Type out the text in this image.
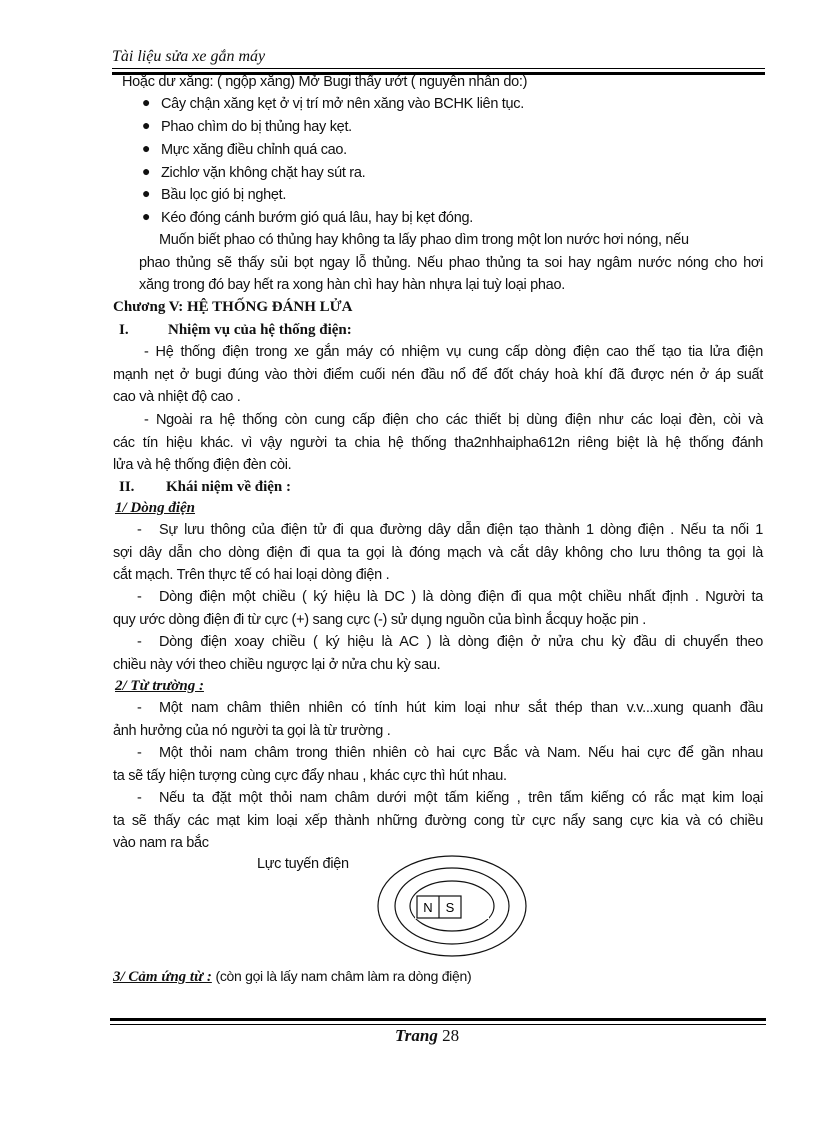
Tài liệu sửa xe gắn máy
Hoặc dư xăng: ( ngộp xăng) Mở Bugi thấy ướt ( nguyên nhân do:)
● Cây chận xăng kẹt ở vị trí mở nên xăng vào BCHK liên tục.
● Phao chìm do bị thủng hay kẹt.
● Mực xăng điều chỉnh quá cao.
● Zichlơ vặn không chặt hay sút ra.
● Bầu lọc gió bị nghẹt.
● Kéo đóng cánh bướm gió quá lâu, hay bị kẹt đóng.
Muốn biết phao có thủng hay không ta lấy phao dìm trong một lon nước hơi nóng, nếu
phao thủng sẽ thấy sủi bọt ngay lỗ thủng. Nếu phao thủng ta soi hay ngâm nước nóng cho hơi
xăng trong đó bay hết ra xong hàn chì hay hàn nhựa lại tuỳ loại phao.
Chương V: HỆ THỐNG ĐÁNH LỬA
I.	Nhiệm vụ của hệ thống điện:
- Hệ thống điện trong xe gắn máy có nhiệm vụ cung cấp dòng điện cao thế tạo tia lửa điện
mạnh nẹt ở bugi đúng vào thời điểm cuối nén đầu nổ để đốt cháy hoà khí đã được nén ở áp suất
cao và nhiệt độ cao .
- Ngoài ra hệ thống còn cung cấp điện cho các thiết bị dùng điện như các loại đèn, còi và
các tín hiệu khác. vì vậy người ta chia hệ thống tha2nhhaipha612n riêng biệt là hệ thống đánh
lửa và hệ thống điện đèn còi.
II.	Khái niệm về điện :
1/ Dòng điện
-	Sự lưu thông của điện tử đi qua đường dây dẫn điện tạo thành 1 dòng điện . Nếu ta nối 1
sợi dây dẫn cho dòng điện đi qua ta gọi là đóng mạch và cắt dây không cho lưu thông ta gọi là
cắt mạch. Trên thực tế có hai loại dòng điện .
-	Dòng điện một chiều ( ký hiệu là DC ) là dòng điện đi qua một chiều nhất định . Người ta
quy ước dòng điện đi từ cực (+) sang cực (-) sử dụng nguồn của bình ắcquy hoặc pin .
-	Dòng điện xoay chiều ( ký hiệu là AC ) là dòng điện ở nửa chu kỳ đầu di chuyển theo
chiều này với theo chiều ngược lại ở nửa chu kỳ sau.
2/ Từ trường :
-	Một nam châm thiên nhiên có tính hút kim loại như sắt thép than v.v...xung quanh đầu
ảnh hưởng của nó người ta gọi là từ trường .
-	Một thỏi nam châm trong thiên nhiên cò hai cực Bắc và Nam. Nếu hai cực để gần nhau
ta sẽ tấy hiện tượng cùng cực đẩy nhau , khác cực thì hút nhau.
-	Nếu ta đặt một thỏi nam châm dưới một tấm kiếng , trên tấm kiếng có rắc mạt kim loại
ta sẽ thấy các mạt kim loại xếp thành những đường cong từ cực nẩy sang cực kia và có chiều
vào nam ra bắc
Lực tuyến điện
N S
3/ Cảm ứng từ : (còn gọi là lấy nam châm làm ra dòng điện)
Trang 28
